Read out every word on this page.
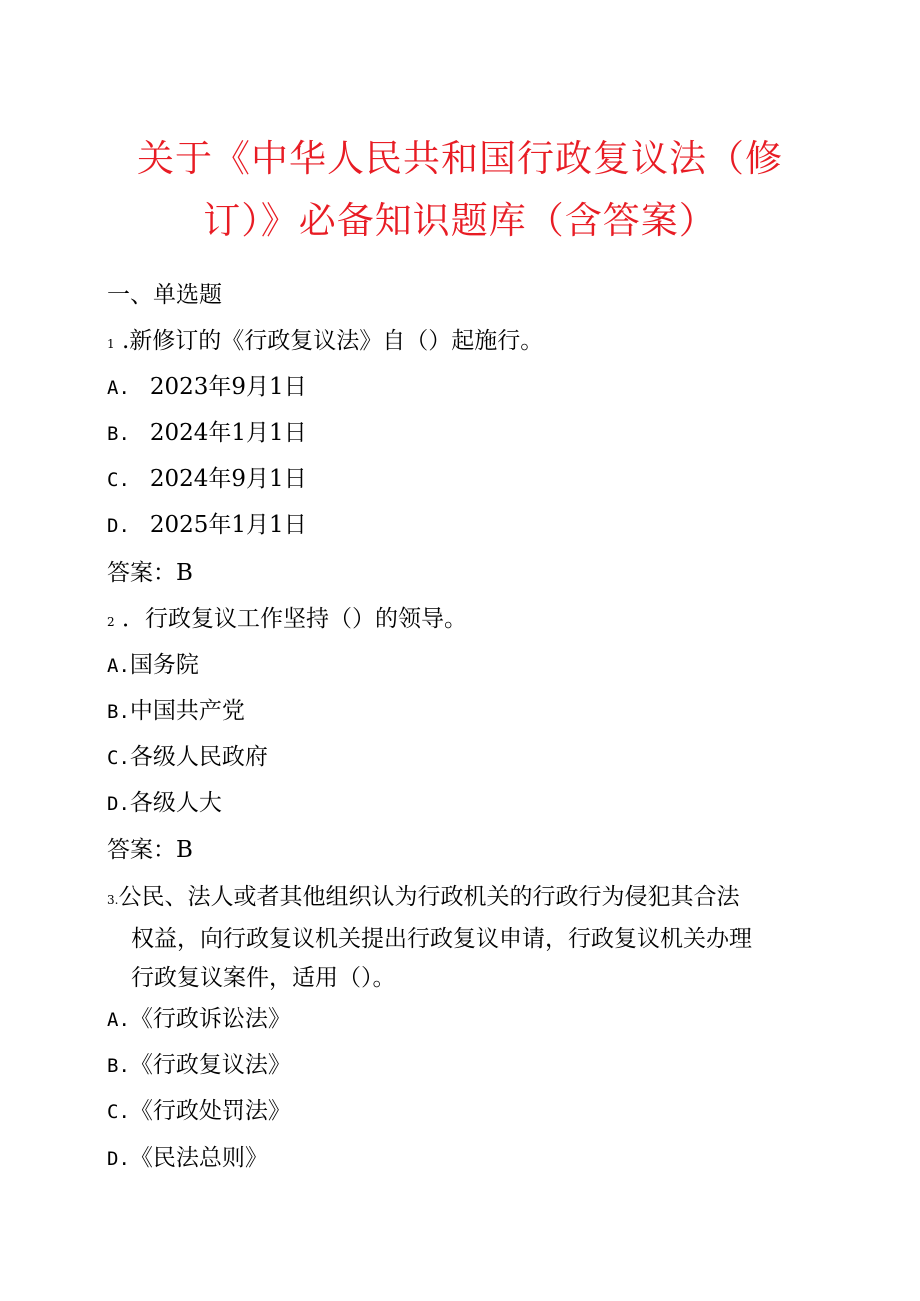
关于《中华人民共和国行政复议法（修
订）》必备知识题库（含答案）
一、单选题
1 .新修订的《行政复议法》自（）起施行。
A. 2023年9月1日
B. 2024年1月1日
C. 2024年9月1日
D. 2025年1月1日
答案：B
2 ．行政复议工作坚持（）的领导。
A.国务院
B.中国共产党
C.各级人民政府
D.各级人大
答案：B
3.公民、法人或者其他组织认为行政机关的行政行为侵犯其合法
权益，向行政复议机关提出行政复议申请，行政复议机关办理
行政复议案件，适用（）。
A.《行政诉讼法》
B.《行政复议法》
C.《行政处罚法》
D.《民法总则》
